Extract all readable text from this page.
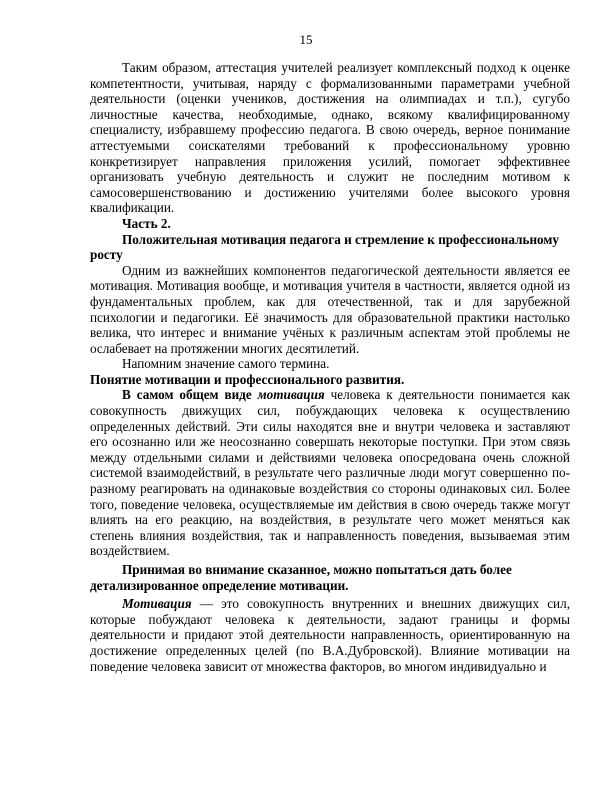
15

Таким образом, аттестация учителей реализует комплексный подход к оценке компетентности, учитывая, наряду с формализованными параметрами учебной деятельности (оценки учеников, достижения на олимпиадах и т.п.), сугубо личностные качества, необходимые, однако, всякому квалифицированному специалисту, избравшему профессию педагога. В свою очередь, верное понимание аттестуемыми соискателями требований к профессиональному уровню конкретизирует направления приложения усилий, помогает эффективнее организовать учебную деятельность и служит не последним мотивом к самосовершенствованию и достижению учителями более высокого уровня квалификации.

Часть 2.

Положительная мотивация педагога и стремление к профессиональному росту

Одним из важнейших компонентов педагогической деятельности является ее мотивация. Мотивация вообще, и мотивация учителя в частности, является одной из фундаментальных проблем, как для отечественной, так и для зарубежной психологии и педагогики. Её значимость для образовательной практики настолько велика, что интерес и внимание учёных к различным аспектам этой проблемы не ослабевает на протяжении многих десятилетий.

Напомним значение самого термина.

Понятие мотивации и профессионального развития.

В самом общем виде мотивация человека к деятельности понимается как совокупность движущих сил, побуждающих человека к осуществлению определенных действий. Эти силы находятся вне и внутри человека и заставляют его осознанно или же неосознанно совершать некоторые поступки. При этом связь между отдельными силами и действиями человека опосредована очень сложной системой взаимодействий, в результате чего различные люди могут совершенно по-разному реагировать на одинаковые воздействия со стороны одинаковых сил. Более того, поведение человека, осуществляемые им действия в свою очередь также могут влиять на его реакцию, на воздействия, в результате чего может меняться как степень влияния воздействия, так и направленность поведения, вызываемая этим воздействием.

Принимая во внимание сказанное, можно попытаться дать более детализированное определение мотивации.

Мотивация — это совокупность внутренних и внешних движущих сил, которые побуждают человека к деятельности, задают границы и формы деятельности и придают этой деятельности направленность, ориентированную на достижение определенных целей (по В.А.Дубровской). Влияние мотивации на поведение человека зависит от множества факторов, во многом индивидуально и
